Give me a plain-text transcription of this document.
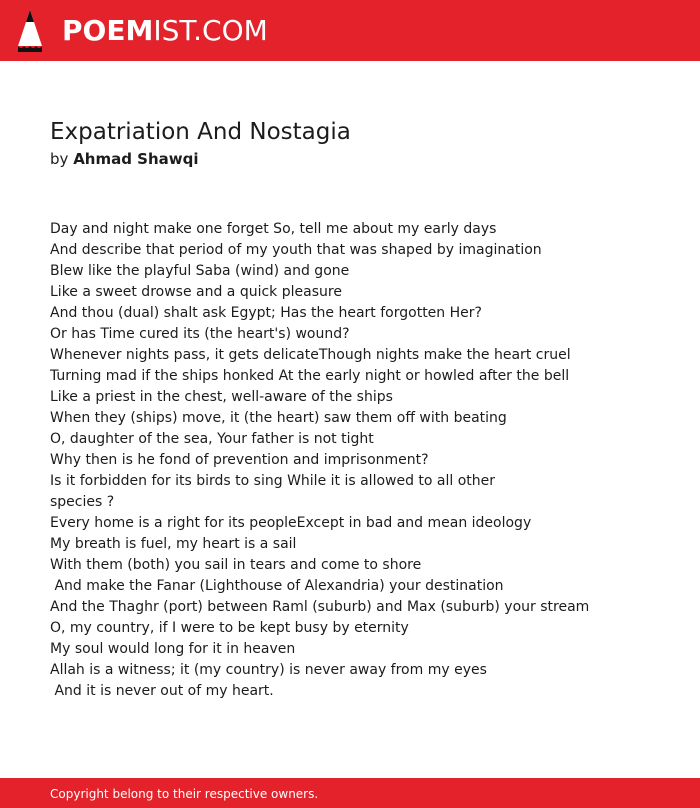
POEMIST.COM
Expatriation And Nostagia
by Ahmad Shawqi
Day and night make one forget So, tell me about my early days
And describe that period of my youth that was shaped by imagination
Blew like the playful Saba (wind) and gone
Like a sweet drowse and a quick pleasure
And thou (dual) shalt ask Egypt; Has the heart forgotten Her?
Or has Time cured its (the heart's) wound?
Whenever nights pass, it gets delicateThough nights make the heart cruel
Turning mad if the ships honked At the early night or howled after the bell
Like a priest in the chest, well-aware of the ships
When they (ships) move, it (the heart) saw them off with beating
O, daughter of the sea, Your father is not tight
Why then is he fond of prevention and imprisonment?
Is it forbidden for its birds to sing While it is allowed to all other
species ?
Every home is a right for its peopleExcept in bad and mean ideology
My breath is fuel, my heart is a sail
With them (both) you sail in tears and come to shore
And make the Fanar (Lighthouse of Alexandria) your destination
And the Thaghr (port) between Raml (suburb) and Max (suburb) your stream
O, my country, if I were to be kept busy by eternity
My soul would long for it in heaven
Allah is a witness; it (my country) is never away from my eyes
And it is never out of my heart.
Copyright belong to their respective owners.
